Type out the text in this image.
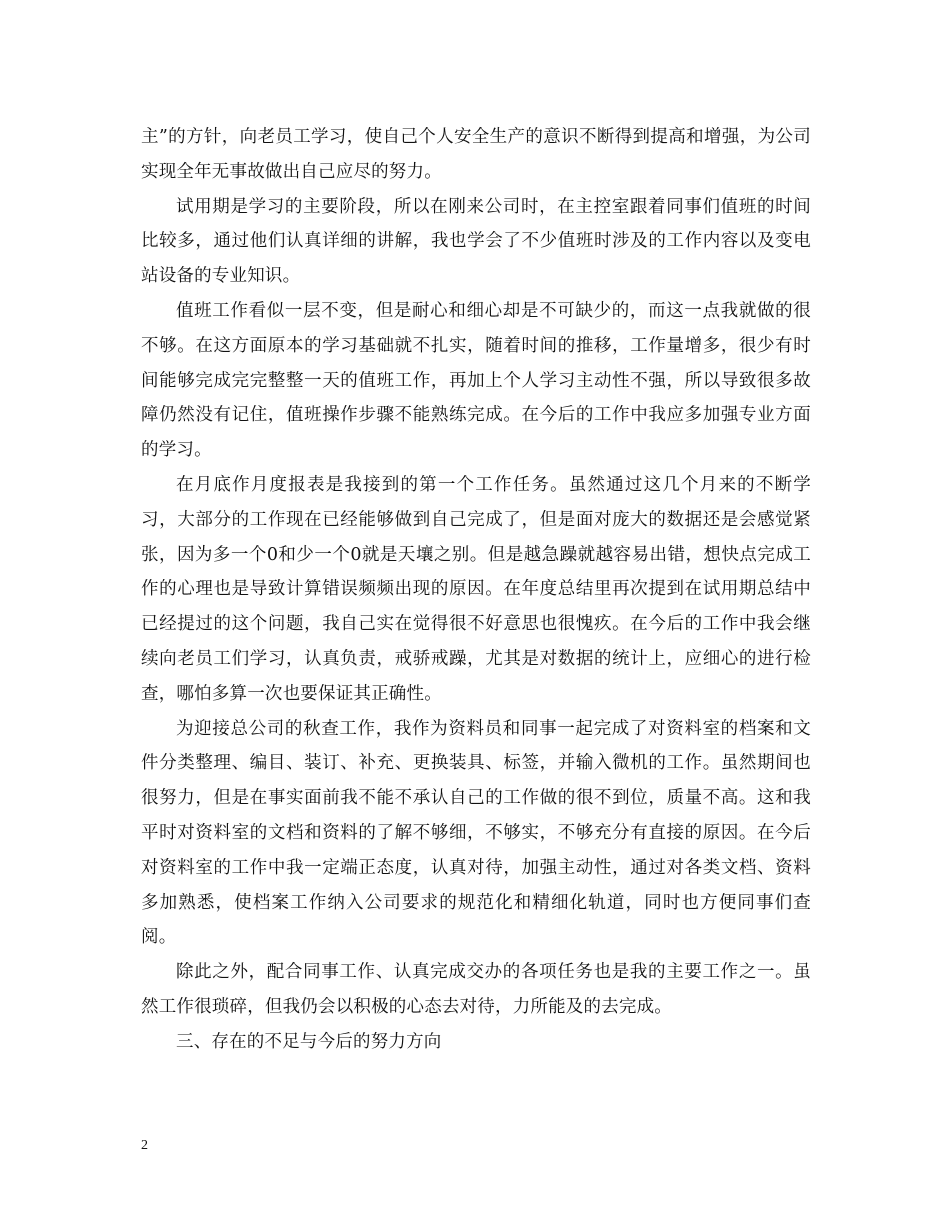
主”的方针，向老员工学习，使自己个人安全生产的意识不断得到提高和增强，为公司实现全年无事故做出自己应尽的努力。

试用期是学习的主要阶段，所以在刚来公司时，在主控室跟着同事们值班的时间比较多，通过他们认真详细的讲解，我也学会了不少值班时涉及的工作内容以及变电站设备的专业知识。

值班工作看似一层不变，但是耐心和细心却是不可缺少的，而这一点我就做的很不够。在这方面原本的学习基础就不扎实，随着时间的推移，工作量增多，很少有时间能够完成完完整整一天的值班工作，再加上个人学习主动性不强，所以导致很多故障仍然没有记住，值班操作步骤不能熟练完成。在今后的工作中我应多加强专业方面的学习。

在月底作月度报表是我接到的第一个工作任务。虽然通过这几个月来的不断学习，大部分的工作现在已经能够做到自己完成了，但是面对庞大的数据还是会感觉紧张，因为多一个0和少一个0就是天壤之别。但是越急躁就越容易出错，想快点完成工作的心理也是导致计算错误频频出现的原因。在年度总结里再次提到在试用期总结中已经提过的这个问题，我自己实在觉得很不好意思也很愧疚。在今后的工作中我会继续向老员工们学习，认真负责，戒骄戒躁，尤其是对数据的统计上，应细心的进行检查，哪怕多算一次也要保证其正确性。

为迎接总公司的秋查工作，我作为资料员和同事一起完成了对资料室的档案和文件分类整理、编目、装订、补充、更换装具、标签，并输入微机的工作。虽然期间也很努力，但是在事实面前我不能不承认自己的工作做的很不到位，质量不高。这和我平时对资料室的文档和资料的了解不够细，不够实，不够充分有直接的原因。在今后对资料室的工作中我一定端正态度，认真对待，加强主动性，通过对各类文档、资料多加熟悉，使档案工作纳入公司要求的规范化和精细化轨道，同时也方便同事们查阅。

除此之外，配合同事工作、认真完成交办的各项任务也是我的主要工作之一。虽然工作很琐碎，但我仍会以积极的心态去对待，力所能及的去完成。

三、存在的不足与今后的努力方向

2
